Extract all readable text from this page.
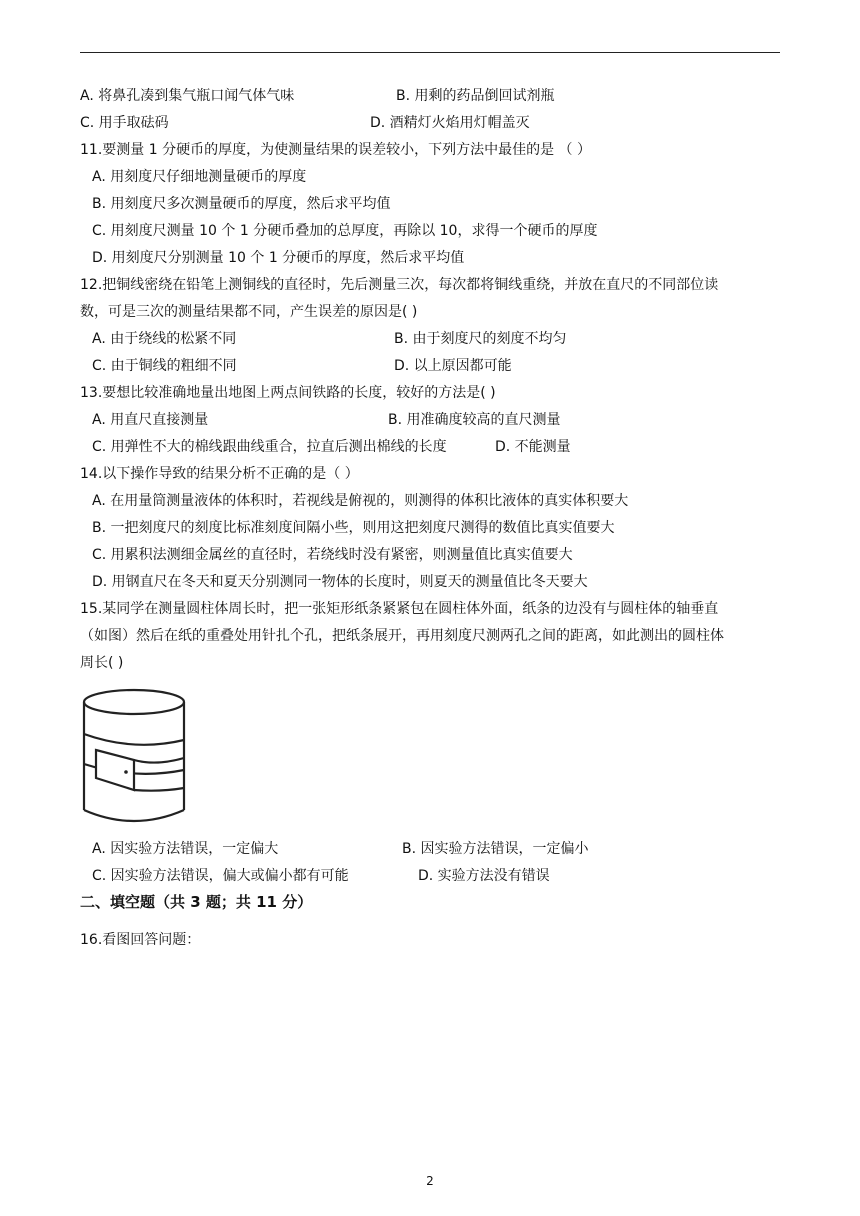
A. 将鼻孔凑到集气瓶口闻气体气味	B. 用剩的药品倒回试剂瓶
C. 用手取砝码	D. 酒精灯火焰用灯帽盖灭
11.要测量 1 分硬币的厚度，为使测量结果的误差较小，下列方法中最佳的是 （ ）
A. 用刻度尺仔细地测量硬币的厚度
B. 用刻度尺多次测量硬币的厚度，然后求平均值
C. 用刻度尺测量 10 个 1 分硬币叠加的总厚度，再除以 10，求得一个硬币的厚度
D. 用刻度尺分别测量 10 个 1 分硬币的厚度，然后求平均值
12.把铜线密绕在铅笔上测铜线的直径时，先后测量三次，每次都将铜线重绕，并放在直尺的不同部位读
数，可是三次的测量结果都不同，产生误差的原因是( )
A. 由于绕线的松紧不同	B. 由于刻度尺的刻度不均匀
C. 由于铜线的粗细不同	D. 以上原因都可能
13.要想比较准确地量出地图上两点间铁路的长度，较好的方法是( )
A. 用直尺直接测量	B. 用准确度较高的直尺测量
C. 用弹性不大的棉线跟曲线重合，拉直后测出棉线的长度	D. 不能测量
14.以下操作导致的结果分析不正确的是（ ）
A. 在用量筒测量液体的体积时，若视线是俯视的，则测得的体积比液体的真实体积要大
B. 一把刻度尺的刻度比标准刻度间隔小些，则用这把刻度尺测得的数值比真实值要大
C. 用累积法测细金属丝的直径时，若绕线时没有紧密，则测量值比真实值要大
D. 用钢直尺在冬天和夏天分别测同一物体的长度时，则夏天的测量值比冬天要大
15.某同学在测量圆柱体周长时，把一张矩形纸条紧紧包在圆柱体外面，纸条的边没有与圆柱体的轴垂直
（如图）然后在纸的重叠处用针扎个孔，把纸条展开，再用刻度尺测两孔之间的距离，如此测出的圆柱体
周长( )
A. 因实验方法错误，一定偏大	B. 因实验方法错误，一定偏小
C. 因实验方法错误，偏大或偏小都有可能	D. 实验方法没有错误
二、填空题（共 3 题；共 11 分）
16.看图回答问题：
2
